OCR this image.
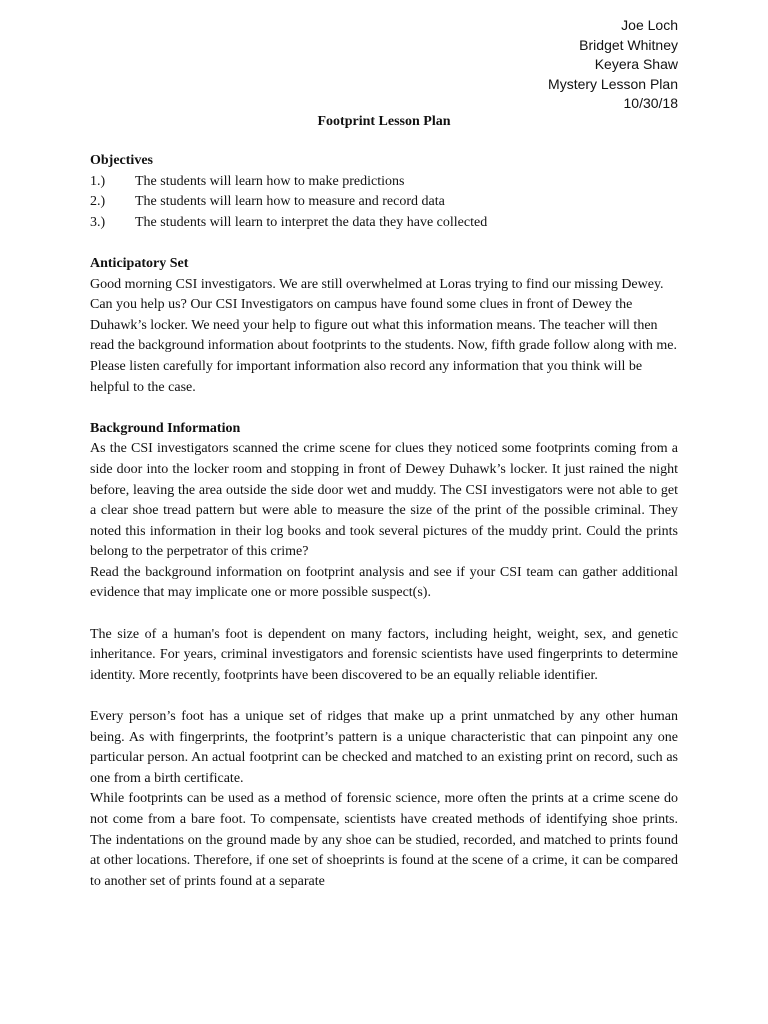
Joe Loch
Bridget Whitney
Keyera Shaw
Mystery Lesson Plan
10/30/18
Footprint Lesson Plan

Objectives

1.)	The students will learn how to make predictions
2.)	The students will learn how to measure and record data
3.)	The students will learn to interpret the data they have collected

Anticipatory Set

Good morning CSI investigators. We are still overwhelmed at Loras trying to find our missing Dewey. Can you help us? Our CSI Investigators on campus have found some clues in front of Dewey the Duhawk’s locker. We need your help to figure out what this information means. The teacher will then read the background information about footprints to the students. Now, fifth grade follow along with me. Please listen carefully for important information also record any information that you think will be helpful to the case.

Background Information

As the CSI investigators scanned the crime scene for clues they noticed some footprints coming from a side door into the locker room and stopping in front of Dewey Duhawk’s locker. It just rained the night before, leaving the area outside the side door wet and muddy. The CSI investigators were not able to get a clear shoe tread pattern but were able to measure the size of the print of the possible criminal. They noted this information in their log books and took several pictures of the muddy print. Could the prints belong to the perpetrator of this crime?

Read the background information on footprint analysis and see if your CSI team can gather additional evidence that may implicate one or more possible suspect(s).

The size of a human's foot is dependent on many factors, including height, weight, sex, and genetic inheritance. For years, criminal investigators and forensic scientists have used fingerprints to determine identity. More recently, footprints have been discovered to be an equally reliable identifier.

Every person’s foot has a unique set of ridges that make up a print unmatched by any other human being. As with fingerprints, the footprint’s pattern is a unique characteristic that can pinpoint any one particular person. An actual footprint can be checked and matched to an existing print on record, such as one from a birth certificate.

While footprints can be used as a method of forensic science, more often the prints at a crime scene do not come from a bare foot. To compensate, scientists have created methods of identifying shoe prints. The indentations on the ground made by any shoe can be studied, recorded, and matched to prints found at other locations. Therefore, if one set of shoeprints is found at the scene of a crime, it can be compared to another set of prints found at a separate
